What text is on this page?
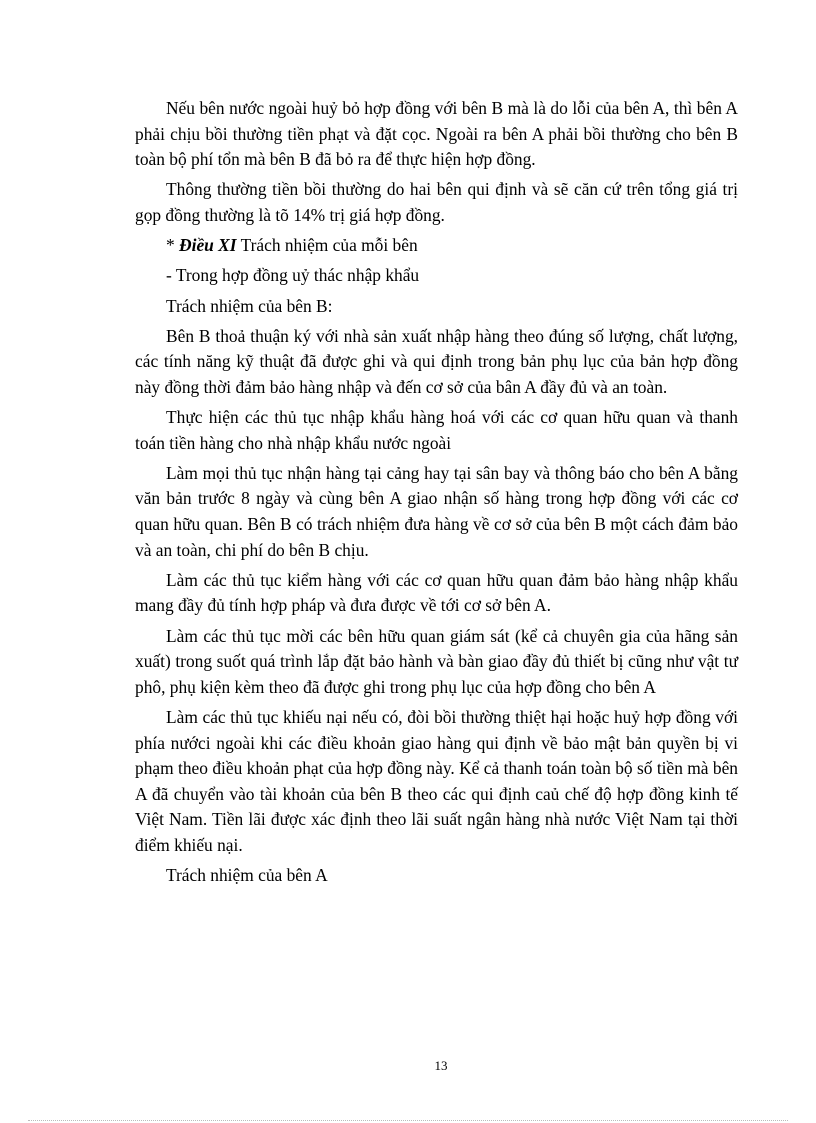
Nếu bên nước ngoài huỷ bỏ hợp đồng với bên B mà là do lỗi của bên A, thì bên A phải chịu bồi thường tiền phạt và đặt cọc. Ngoài ra bên A phải bồi thường cho bên B toàn bộ phí tổn mà bên B đã bỏ ra để thực hiện hợp đồng.

Thông thường tiền bồi thường do hai bên qui định và sẽ căn cứ trên tổng giá trị gọp đồng thường là tõ 14% trị giá hợp đồng.

* Điều XI Trách nhiệm của mỗi bên

- Trong hợp đồng uỷ thác nhập khẩu

Trách nhiệm của bên B:

Bên B thoả thuận ký với nhà sản xuất nhập hàng theo đúng số lượng, chất lượng, các tính năng kỹ thuật đã được ghi và qui định trong bản phụ lục của bản hợp đồng này đồng thời đảm bảo hàng nhập và đến cơ sở của bân A đầy đủ và an toàn.

Thực hiện các thủ tục nhập khẩu hàng hoá với các cơ quan hữu quan và thanh toán tiền hàng cho nhà nhập khẩu nước ngoài

Làm mọi thủ tục nhận hàng tại cảng hay tại sân bay và thông báo cho bên A bằng văn bản trước 8 ngày và cùng bên A giao nhận số hàng trong hợp đồng với các cơ quan hữu quan. Bên B có trách nhiệm đưa hàng về cơ sở của bên B một cách đảm bảo và an toàn, chi phí do bên B chịu.

Làm các thủ tục kiểm hàng với các cơ quan hữu quan đảm bảo hàng nhập khẩu mang đầy đủ tính hợp pháp và đưa được về tới cơ sở bên A.

Làm các thủ tục mời các bên hữu quan giám sát (kể cả chuyên gia của hãng sản xuất) trong suốt quá trình lắp đặt bảo hành và bàn giao đầy đủ thiết bị cũng như vật tư phô, phụ kiện kèm theo đã được ghi trong phụ lục của hợp đồng cho bên A

Làm các thủ tục khiếu nại nếu có, đòi bồi thường thiệt hại hoặc huỷ hợp đồng với phía nướci ngoài khi các điều khoản giao hàng qui định về bảo mật bản quyền bị vi phạm theo điều khoản phạt của hợp đồng này. Kể cả thanh toán toàn bộ số tiền mà bên A đã chuyển vào tài khoản của bên B theo các qui định caủ chế độ hợp đồng kinh tế Việt Nam. Tiền lãi được xác định theo lãi suất ngân hàng nhà nước Việt Nam tại thời điểm khiếu nại.

Trách nhiệm của bên A

13
